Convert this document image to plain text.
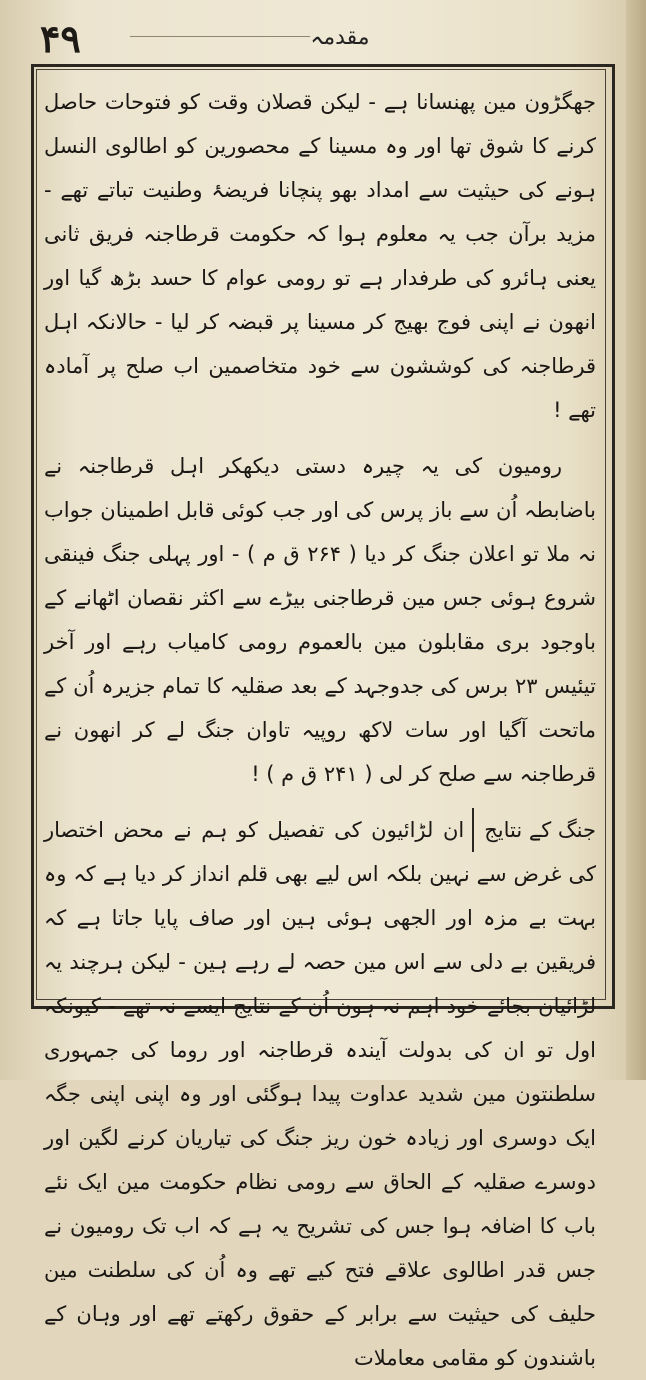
۴۹	مقدمہ

جھگڑون مین پھنسانا ہے - لیکن قصلان وقت کو فتوحات حاصل کرنے کا شوق تھا اور وہ مسینا کے محصورین کو اطالوی النسل ہونے کی حیثیت سے امداد بھو پنچانا فریضۂ وطنیت تباتے تھے - مزید برآن جب یہ معلوم ہوا کہ حکومت قرطاجنہ فریق ثانی یعنی ہائرو کی طرفدار ہے تو رومی عوام کا حسد بڑھ گیا اور انھون نے اپنی فوج بھیج کر مسینا پر قبضہ کر لیا - حالانکہ اہل قرطاجنہ کی کوششون سے خود متخاصمین اب صلح پر آمادہ تھے !

رومیون کی یہ چیرہ دستی دیکھکر اہل قرطاجنہ نے باضابطہ اُن سے باز پرس کی اور جب کوئی قابل اطمینان جواب نہ ملا تو اعلان جنگ کر دیا ( ۲۶۴ ق م ) - اور پہلی جنگ فینقی شروع ہوئی جس مین قرطاجنی بیڑے سے اکثر نقصان اٹھانے کے باوجود بری مقابلون مین بالعموم رومی کامیاب رہے اور آخر تیئیس ۲۳ برس کی جدوجہد کے بعد صقلیہ کا تمام جزیرہ اُن کے ماتحت آگیا اور سات لاکھ روپیہ تاوان جنگ لے کر انھون نے قرطاجنہ سے صلح کر لی ( ۲۴۱ ق م ) !

جنگ کے نتایجان لڑائیون کی تفصیل کو ہم نے محض اختصار کی غرض سے نہین بلکہ اس لیے بھی قلم انداز کر دیا ہے کہ وہ بہت بے مزہ اور الجھی ہوئی ہین اور صاف پایا جاتا ہے کہ فریقین بے دلی سے اس مین حصہ لے رہے ہین - لیکن ہرچند یہ لڑائیان بجائے خود اہم نہ ہون اُن کے نتایج ایسے نہ تھے - کیونکہ اول تو ان کی بدولت آیندہ قرطاجنہ اور روما کی جمہوری سلطنتون مین شدید عداوت پیدا ہوگئی اور وہ اپنی اپنی جگہ ایک دوسری اور زیادہ خون ریز جنگ کی تیاریان کرنے لگین اور دوسرے صقلیہ کے الحاق سے رومی نظام حکومت مین ایک نئے باب کا اضافہ ہوا جس کی تشریح یہ ہے کہ اب تک رومیون نے جس قدر اطالوی علاقے فتح کیے تھے وہ اُن کی سلطنت مین حلیف کی حیثیت سے برابر کے حقوق رکھتے تھے اور وہان کے باشندون کو مقامی معاملات
